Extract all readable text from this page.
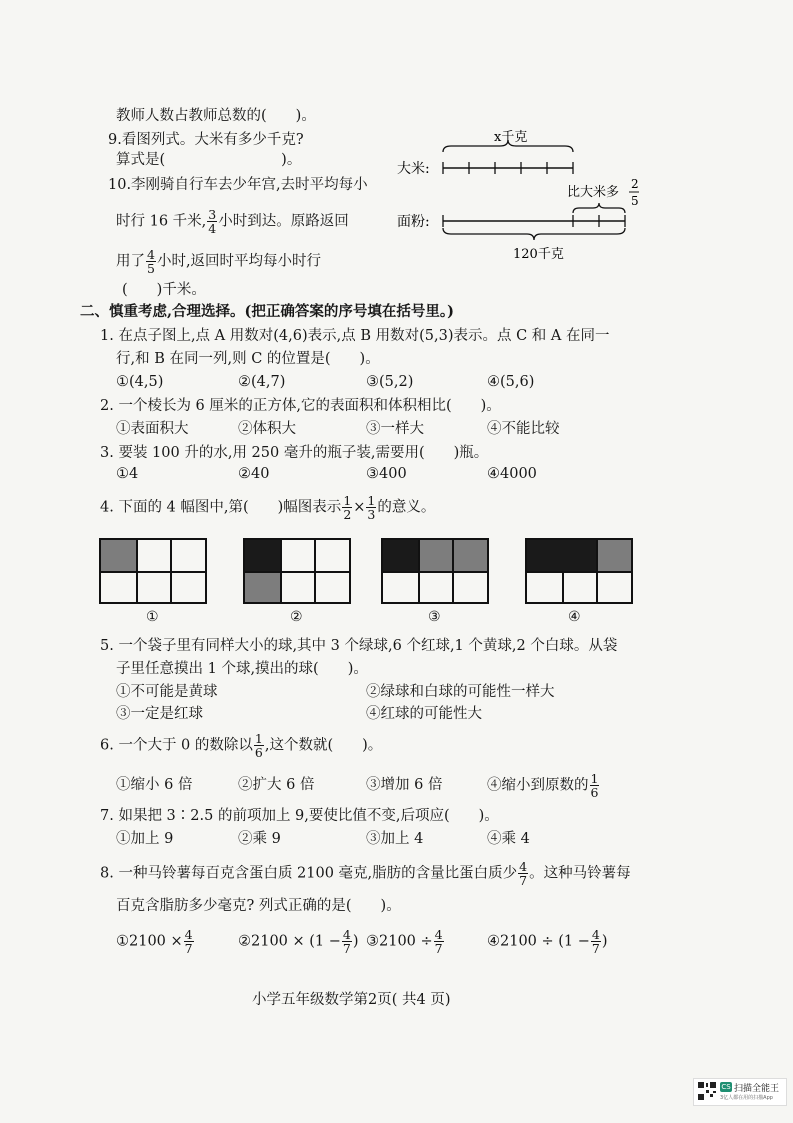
教师人数占教师总数的(　　)。
9.看图列式。大米有多少千克?
算式是(　　　　　　　　)。
10.李刚骑自行车去少年宫,去时平均每小
时行 16 千米, $\frac{3}{4}$ 小时到达。原路返回
用了 $\frac{4}{5}$ 小时,返回时平均每小时行
(　　)千米。
大米:
面粉:
x千克
比大米多
2
5
120千克
二、慎重考虑,合理选择。(把正确答案的序号填在括号里。)
1. 在点子图上,点 A 用数对(4,6)表示,点 B 用数对(5,3)表示。点 C 和 A 在同一
行,和 B 在同一列,则 C 的位置是(　　)。
①(4,5)	②(4,7)	③(5,2)	④(5,6)
2. 一个棱长为 6 厘米的正方体,它的表面积和体积相比(　　)。
①表面积大	②体积大	③一样大	④不能比较
3. 要装 100 升的水,用 250 毫升的瓶子装,需要用(　　)瓶。
①4	②40	③400	④4000
4. 下面的 4 幅图中,第(　　)幅图表示 $\frac{1}{2} \times \frac{1}{3}$ 的意义。
①	②	③	④
5. 一个袋子里有同样大小的球,其中 3 个绿球,6 个红球,1 个黄球,2 个白球。从袋
子里任意摸出 1 个球,摸出的球(　　)。
①不可能是黄球	②绿球和白球的可能性一样大
③一定是红球	④红球的可能性大
6. 一个大于 0 的数除以 $\frac{1}{6}$ ,这个数就(　　)。
①缩小 6 倍	②扩大 6 倍	③增加 6 倍	④缩小到原数的 $\frac{1}{6}$
7. 如果把 3∶2.5 的前项加上 9,要使比值不变,后项应(　　)。
①加上 9	②乘 9	③加上 4	④乘 4
8. 一种马铃薯每百克含蛋白质 2100 毫克,脂肪的含量比蛋白质少 $\frac{4}{7}$ 。这种马铃薯每
百克含脂肪多少毫克? 列式正确的是(　　)。
①2100 × $\frac{4}{7}$	②2100 × ($1 - \frac{4}{7}$ ) ③2100 ÷ $\frac{4}{7}$	④2100 ÷ ($1 - \frac{4}{7}$ )
小学五年级数学第2页( 共4 页)
CS 扫描全能王
3亿人都在用的扫描App
